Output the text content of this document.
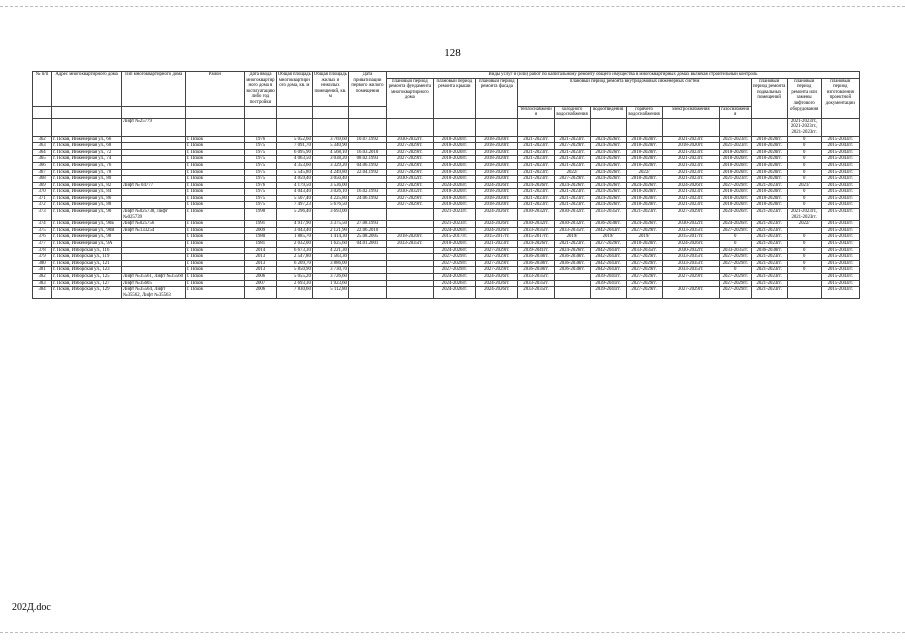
128
№ п/п	Адрес многоквартирного дома	Тип многоквартирного дома	Район	Дата ввода многоквартирного дома в эксплуатацию либо год постройки	Общая площадь многоквартирного дома, кв. м	Общая площадь жилых и нежилых помещений, кв. м	Дата приватизации первого жилого помещения	Виды услуг и (или) работ по капитальному ремонту общего имущества в многоквартирных домах включая строительный контроль											
								плановый период ремонта фундамента многоквартирного дома	плановый период ремонта крыши	плановый период ремонта фасада	плановый период ремонта внутридомовых инженерных систем						плановый период ремонта подвальных помещений	плановый период ремонта или замены лифтового оборудования	плановый период изготовления проектной документации
											теплоснабжения	холодного водоснабжения	водоотведения	горячего водоснабжения	электроснабжения	газоснабжения			
		Лифт №25779																2021-2023гг., 2021-2023гг., 2021-2023гг.	
362	г. Псков, Инженерная ул., 66		г. Псков	1976	5 052,60	3 769,60	10.07.1992	2030-2032гг.	2018-2020гг.	2018-2020гг.	2021-2023гг.	2021-2023гг.	2024-2026гг.	2018-2020гг.	2021-2023гг.	2021-2023гг.	2018-2020гг.	0	2015-2043гг.
363	г. Псков, Инженерная ул., 68		г. Псков	1975	7 091,70	5 340,90		2027-2029гг.	2018-2020гг.	2018-2020гг.	2021-2023гг.	2027-2029гг.	2024-2026гг.	2018-2020гг.	2018-2020гг.	2021-2023гг.	2018-2020гг.	0	2015-2043гг.
364	г. Псков, Инженерная ул., 72		г. Псков	1975	6 095,90	4 568,10	16.03.2010	2027-2029гг.	2018-2020гг.	2018-2020гг.	2021-2023гг.	2021-2023гг.	2024-2026гг.	2018-2020гг.	2021-2023гг.	2018-2020гг.	2018-2020гг.	0	2015-2043гг.
365	г. Псков, Инженерная ул., 74		г. Псков	1975	4 063,50	3 038,20	08.02.1993	2027-2029гг.	2018-2020гг.	2018-2020гг.	2021-2023гг.	2021-2023гг.	2024-2026гг.	2018-2020гг.	2021-2023гг.	2018-2020гг.	2018-2020гг.	0	2015-2043гг.
366	г. Псков, Инженерная ул., 76		г. Псков	1975	4 353,60	3 329,20	04.06.1992	2027-2029гг.	2018-2020гг.	2018-2020гг.	2021-2023гг.	2021-2023гг.	2024-2026гг.	2018-2020гг.	2021-2023гг.	2018-2020гг.	2018-2020гг.	0	2015-2043гг.
367	г. Псков, Инженерная ул., 78		г. Псков	1975	5 545,80	4 249,80	22.04.1992	2027-2029гг.	2018-2020гг.	2018-2020гг.	2021-2023гг.	2022/	2024-2026гг.	2022/	2021-2023гг.	2018-2020гг.	2018-2020гг.	0	2015-2043гг.
368	г. Псков, Инженерная ул., 80		г. Псков	1975	4 059,40	3 050,40		2030-2032гг.	2018-2020гг.	2018-2020гг.	2021-2023гг.	2027-2029гг.	2024-2026гг.	2018-2020гг.	2021-2023гг.	2021-2023гг.	2018-2020гг.	0	2015-2043гг.
369	г. Псков, Инженерная ул., 82	Лифт № 04777	г. Псков	1976	4 179,50	3 536,00		2027-2029гг.	2024-2026гг.	2024-2026гг.	2024-2026гг.	2024-2026гг.	2024-2026гг.	2024-2026гг.	2024-2026гг.	2027-2029гг.	2021-2023гг.	2021/	2015-2043гг.
370	г. Псков, Инженерная ул., 84		г. Псков	1975	4 043,40	3 026,10	16.02.1993	2030-2032гг.	2018-2020гг.	2018-2020гг.	2021-2023гг.	2021-2023гг.	2024-2026гг.	2018-2020гг.	2021-2023гг.	2018-2020гг.	2018-2020гг.	0	2015-2043гг.
371	г. Псков, Инженерная ул., 86		г. Псков	1975	5 507,40	4 225,80	24.06.1992	2027-2029гг.	2018-2020гг.	2018-2020гг.	2021-2023гг.	2021-2023гг.	2024-2026гг.	2018-2020гг.	2021-2023гг.	2018-2020гг.	2018-2020гг.	0	2015-2043гг.
372	г. Псков, Инженерная ул., 88		г. Псков	1975	7 497,23	5 676,50		2027-2029гг.	2018-2020гг.	2018-2020гг.	2021-2023гг.	2021-2023гг.	2024-2026гг.	2018-2020гг.	2021-2023гг.	2018-2020гг.	2018-2020гг.	0	2015-2043гг.
373	г. Псков, Инженерная ул., 90	Лифт №025738, Лифт №025739	г. Псков	1990	5 296,40	3 693,00			2021-2023гг.	2024-2026гг.	2030-2032гг.	2030-2032гг.	2033-2035гг.	2021-2023гг.	2027-2029гг.	2024-2026гг.	2021-2023гг.	2021-2023гг., 2021-2023гг.	2015-2043гг.
374	г. Псков, Инженерная ул., 90Б	Лифт №025756	г. Псков	1991	4 917,90	3 375,50	27.08.1993		2021-2023гг.	2024-2026гг.	2030-2032гг.	2030-2032гг.	2036-2038гг.	2024-2026гг.	2030-2032гг.	2024-2026гг.	2021-2023гг.	2022/	2015-2043гг.
375	г. Псков, Инженерная ул., 90В	Лифт №133254	г. Псков	2009	3 043,40	2 121,90	22.06.2010		2024-2026гг.	2024-2026гг.	2033-2035гг.	2033-2035гг.	2042-2043гг.	2027-2029гг.	2033-2035гг.	2027-2029гг.	2021-2023гг.		2015-2043гг.
376	г. Псков, Инженерная ул., 98		г. Псков	1980	1 885,70	1 414,30	25.08.2005	2018-2020гг.	2015-2017гг.	2015-2017гг.	2015-2017гг.	2019/	2019/	2019/	2015-2017гг.	0	2021-2023гг.	0	2015-2043гг.
377	г. Псков, Инженерная ул., 9А		г. Псков	1981	2 032,00	1 625,60	04.01.2001	2033-2035гг.	2018-2020гг.	2021-2023гг.	2024-2026гг.	2021-2023гг.	2027-2029гг.	2018-2020гг.	2024-2026гг.	0	2021-2023гг.	0	2015-2043гг.
378	г. Псков, Изборская ул., 116		г. Псков	2014	6 673,30	4 221,30			2024-2026гг.	2027-2029гг.	2039-2041гг.	2024-2026гг.	2042-2043гг.	2033-2035гг.	2030-2032гг.	2033-2035гг.	2036-2038гг.	0	2015-2043гг.
379	г. Псков, Изборская ул., 119		г. Псков	2013	2 547,80	1 583,30			2027-2029гг.	2027-2029гг.	2036-2038гг.	2036-2038гг.	2042-2043гг.	2027-2029гг.	2033-2035гг.	2027-2029гг.	2021-2023гг.	0	2015-2043гг.
380	г. Псков, Изборская ул., 121		г. Псков	2013	6 209,70	3 886,00			2027-2029гг.	2027-2029гг.	2036-2038гг.	2036-2038гг.	2042-2043гг.	2027-2029гг.	2033-2035гг.	2027-2029гг.	2021-2023гг.	0	2015-2043гг.
381	г. Псков, Изборская ул., 123		г. Псков	2013	5 850,90	3 730,70			2027-2029гг.	2027-2029гг.	2036-2038гг.	2036-2038гг.	2042-2043гг.	2027-2029гг.	2033-2035гг.	0	2021-2023гг.	0	2015-2043гг.
382	г. Псков, Изборская ул., 125	Лифт №35561, Лифт №35560	г. Псков	2006	5 055,20	3 726,60			2024-2026гг.	2024-2026гг.	2033-2035гг.		2039-2041гг.	2027-2029гг.	2027-2029гг.	2027-2029гг.	2021-2023гг.		2015-2043гг.
383	г. Псков, Изборская ул., 127	Лифт №35605	г. Псков	2007	2 693,30	1 923,60			2024-2026гг.	2024-2026гг.	2033-2035гг.		2039-2041гг.	2027-2029гг.		2027-2029гг.	2021-2023гг.		2015-2043гг.
384	г. Псков, Изборская ул., 129	Лифт №35564, Лифт №35562, Лифт №35563	г. Псков	2006	7 830,60	5 112,80			2024-2026гг.	2024-2026гг.	2033-2035гг.		2039-2041гг.	2027-2029гг.	2027-2029гг.	2027-2029гг.	2021-2023гг.		2015-2043гг.
202Д.doc
